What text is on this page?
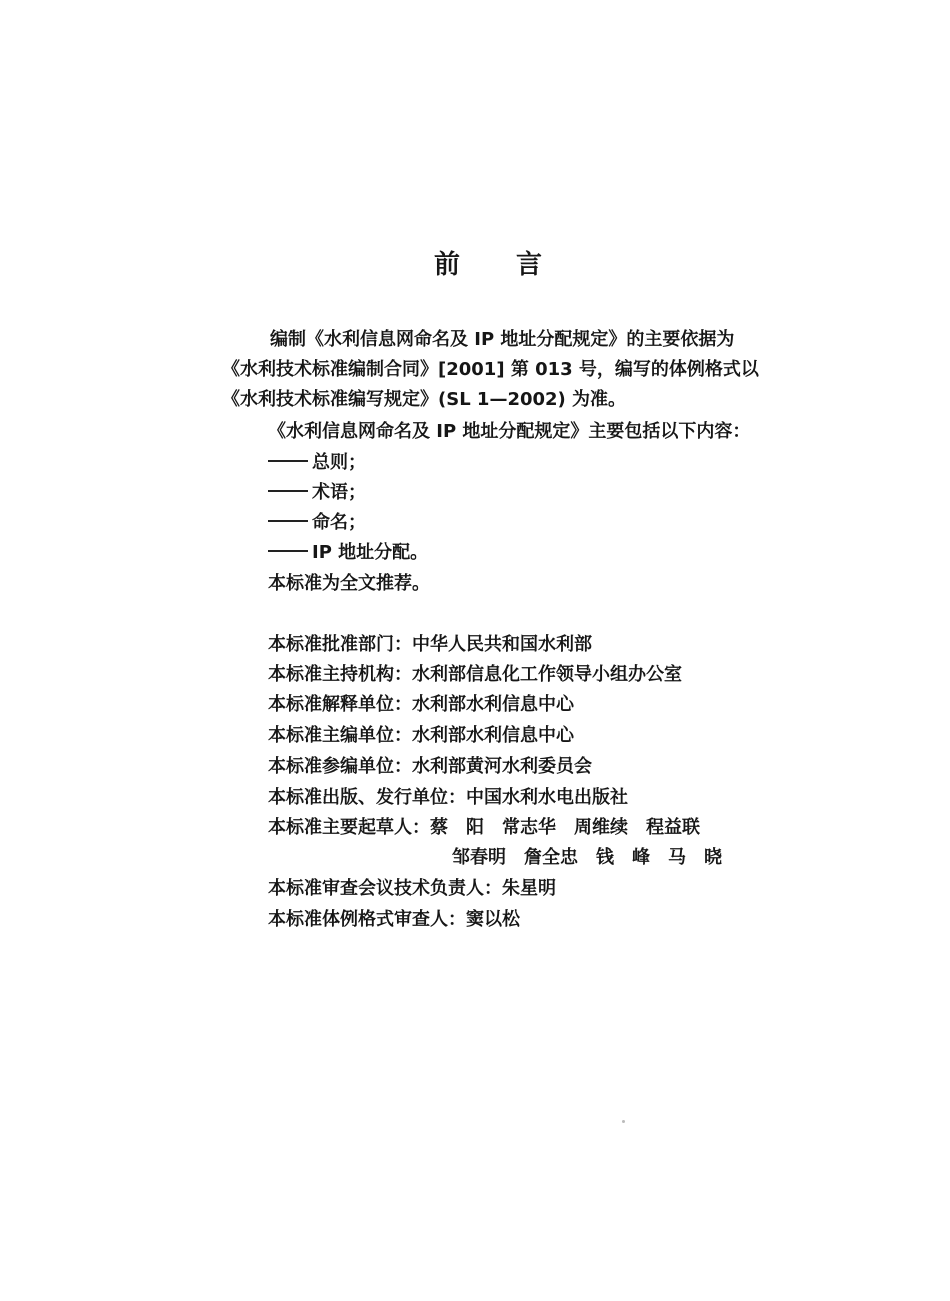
前言
编制《水利信息网命名及 IP 地址分配规定》的主要依据为
《水利技术标准编制合同》[2001] 第 013 号，编写的体例格式以
《水利技术标准编写规定》(SL 1—2002) 为准。
《水利信息网命名及 IP 地址分配规定》主要包括以下内容：
总则；
术语；
命名；
IP 地址分配。
本标准为全文推荐。
本标准批准部门：中华人民共和国水利部
本标准主持机构：水利部信息化工作领导小组办公室
本标准解释单位：水利部水利信息中心
本标准主编单位：水利部水利信息中心
本标准参编单位：水利部黄河水利委员会
本标准出版、发行单位：中国水利水电出版社
本标准主要起草人：蔡　阳　常志华　周维续　程益联
邹春明　詹全忠　钱　峰　马　晓
本标准审查会议技术负责人：朱星明
本标准体例格式审查人：窦以松
